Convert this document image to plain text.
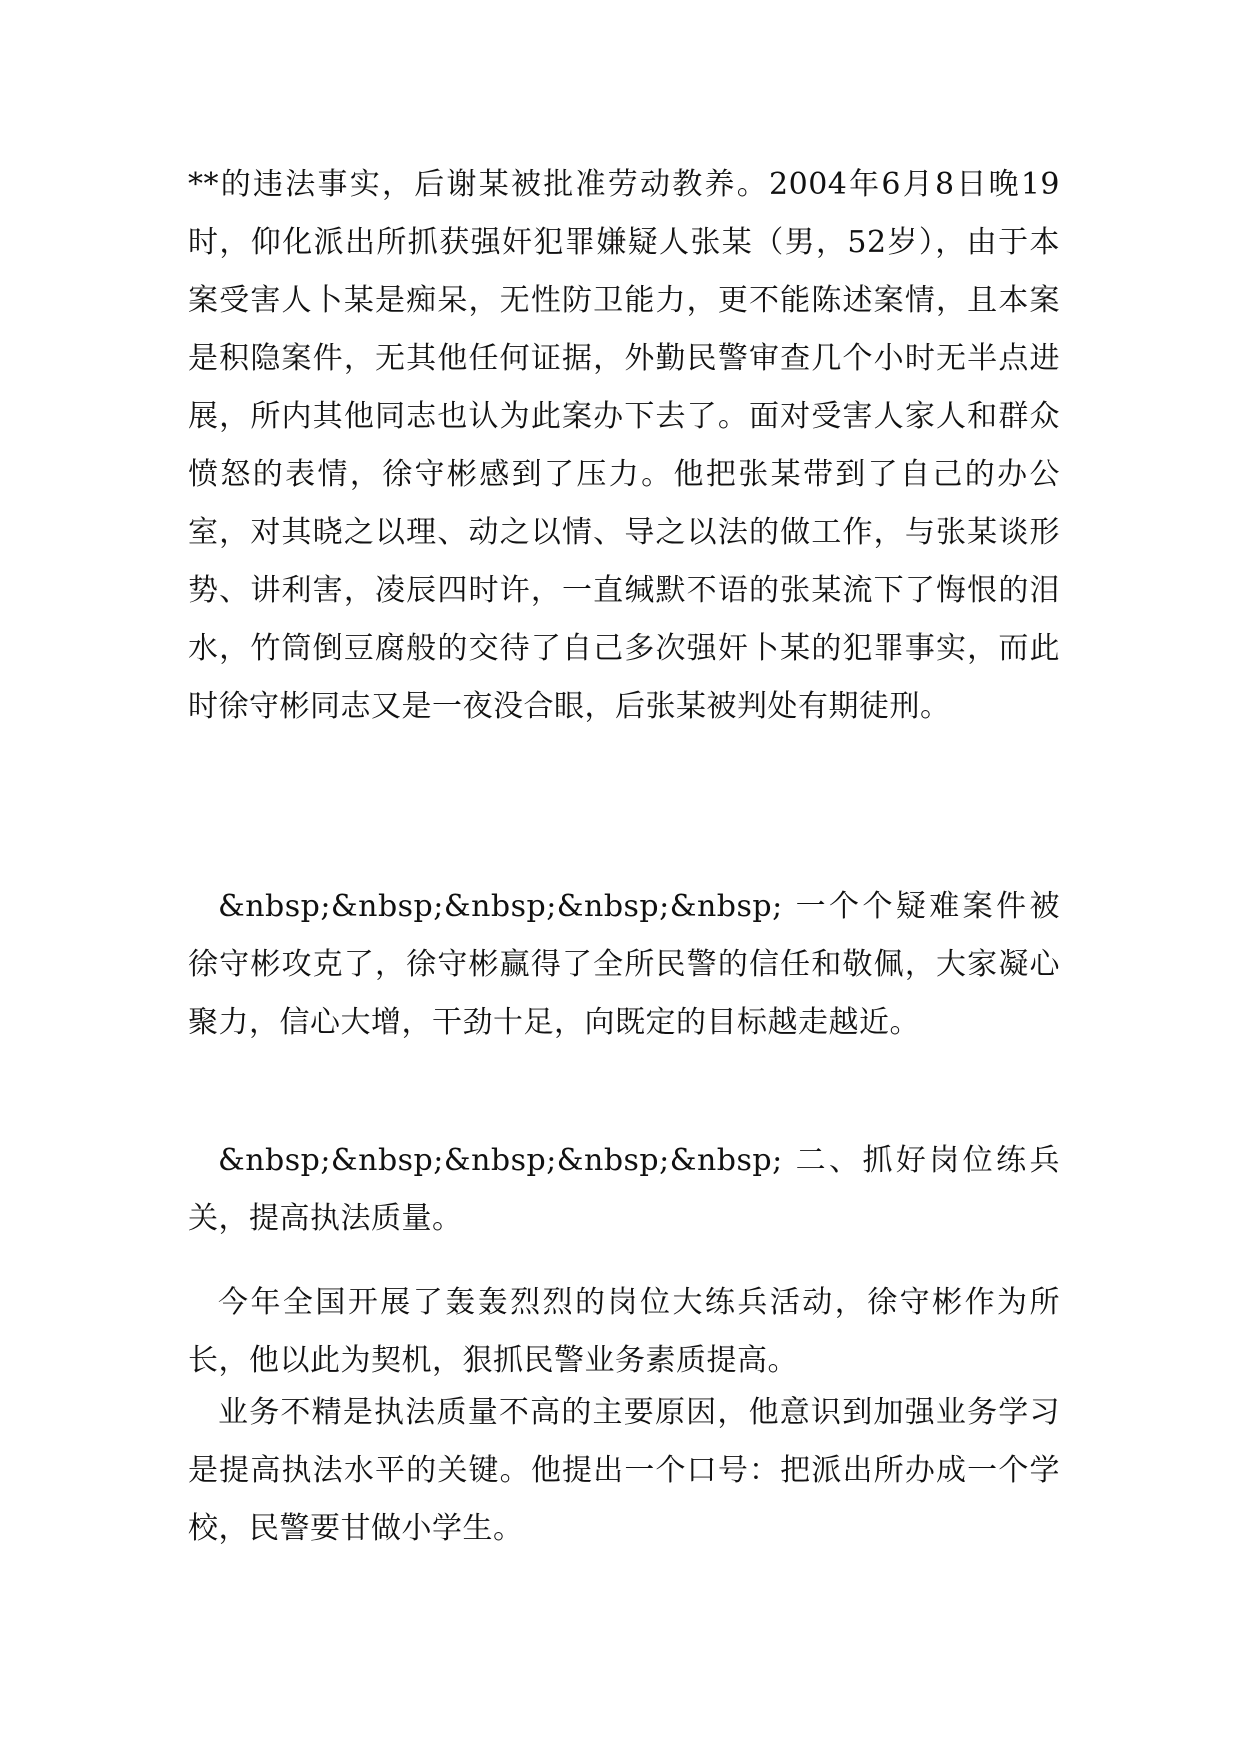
**的违法事实，后谢某被批准劳动教养。2004年6月8日晚19时，仰化派出所抓获强奸犯罪嫌疑人张某（男，52岁），由于本案受害人卜某是痴呆，无性防卫能力，更不能陈述案情，且本案是积隐案件，无其他任何证据，外勤民警审查几个小时无半点进展，所内其他同志也认为此案办下去了。面对受害人家人和群众愤怒的表情，徐守彬感到了压力。他把张某带到了自己的办公室，对其晓之以理、动之以情、导之以法的做工作，与张某谈形势、讲利害，凌辰四时许，一直缄默不语的张某流下了悔恨的泪水，竹筒倒豆腐般的交待了自己多次强奸卜某的犯罪事实，而此时徐守彬同志又是一夜没合眼，后张某被判处有期徒刑。

&nbsp;&nbsp;&nbsp;&nbsp;&nbsp; 一个个疑难案件被徐守彬攻克了，徐守彬赢得了全所民警的信任和敬佩，大家凝心聚力，信心大增，干劲十足，向既定的目标越走越近。

&nbsp;&nbsp;&nbsp;&nbsp;&nbsp; 二、抓好岗位练兵关，提高执法质量。

今年全国开展了轰轰烈烈的岗位大练兵活动，徐守彬作为所长，他以此为契机，狠抓民警业务素质提高。

业务不精是执法质量不高的主要原因，他意识到加强业务学习是提高执法水平的关键。他提出一个口号：把派出所办成一个学校，民警要甘做小学生。
